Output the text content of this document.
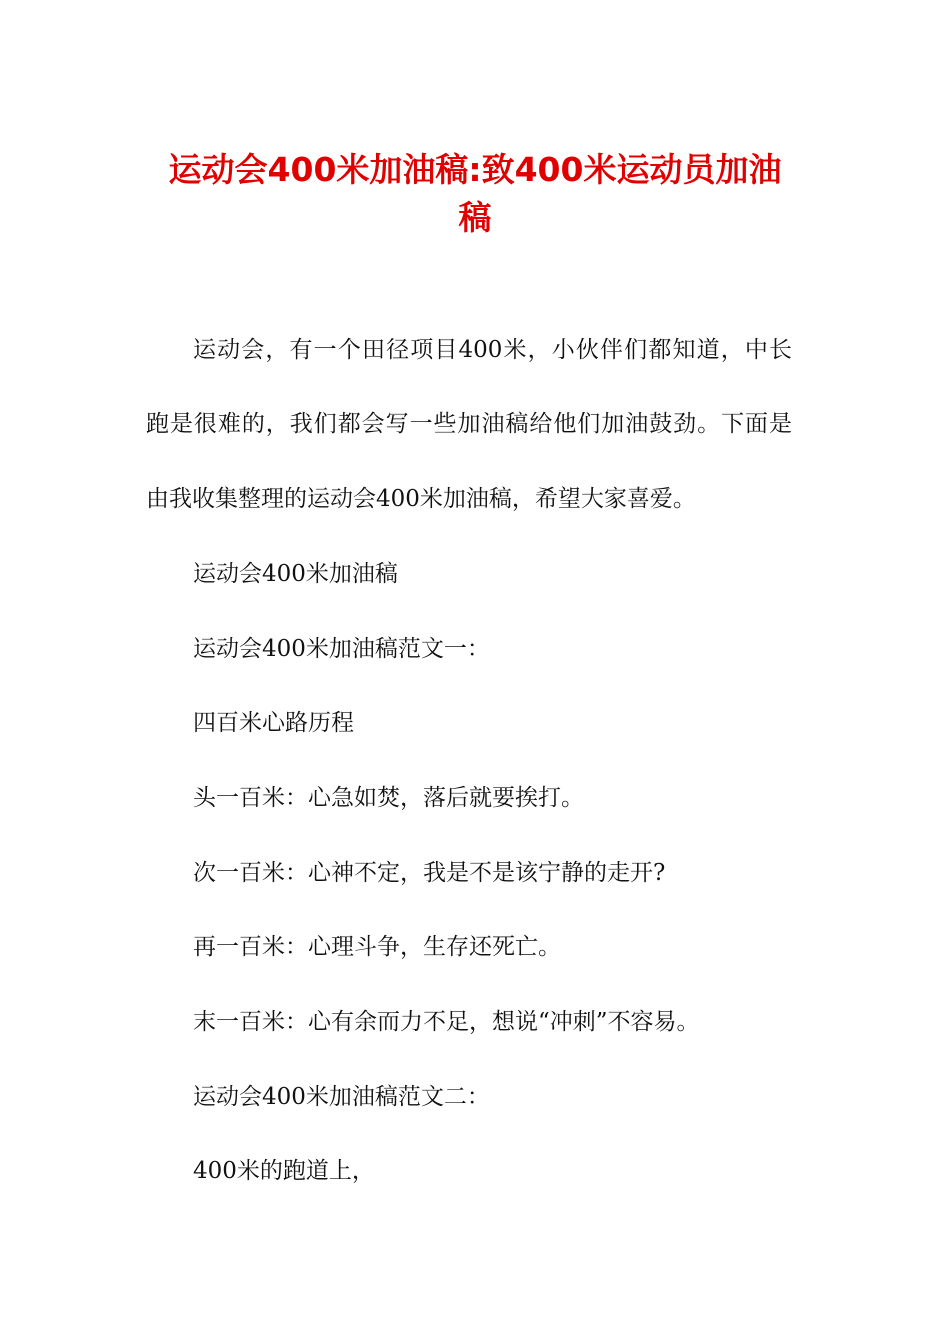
运动会400米加油稿:致400米运动员加油
稿
运动会，有一个田径项目400米，小伙伴们都知道，中长
跑是很难的，我们都会写一些加油稿给他们加油鼓劲。下面是
由我收集整理的运动会400米加油稿，希望大家喜爱。
运动会400米加油稿
运动会400米加油稿范文一：
四百米心路历程
头一百米：心急如焚，落后就要挨打。
次一百米：心神不定，我是不是该宁静的走开?
再一百米：心理斗争，生存还死亡。
末一百米：心有余而力不足，想说“冲刺”不容易。
运动会400米加油稿范文二：
400米的跑道上，
